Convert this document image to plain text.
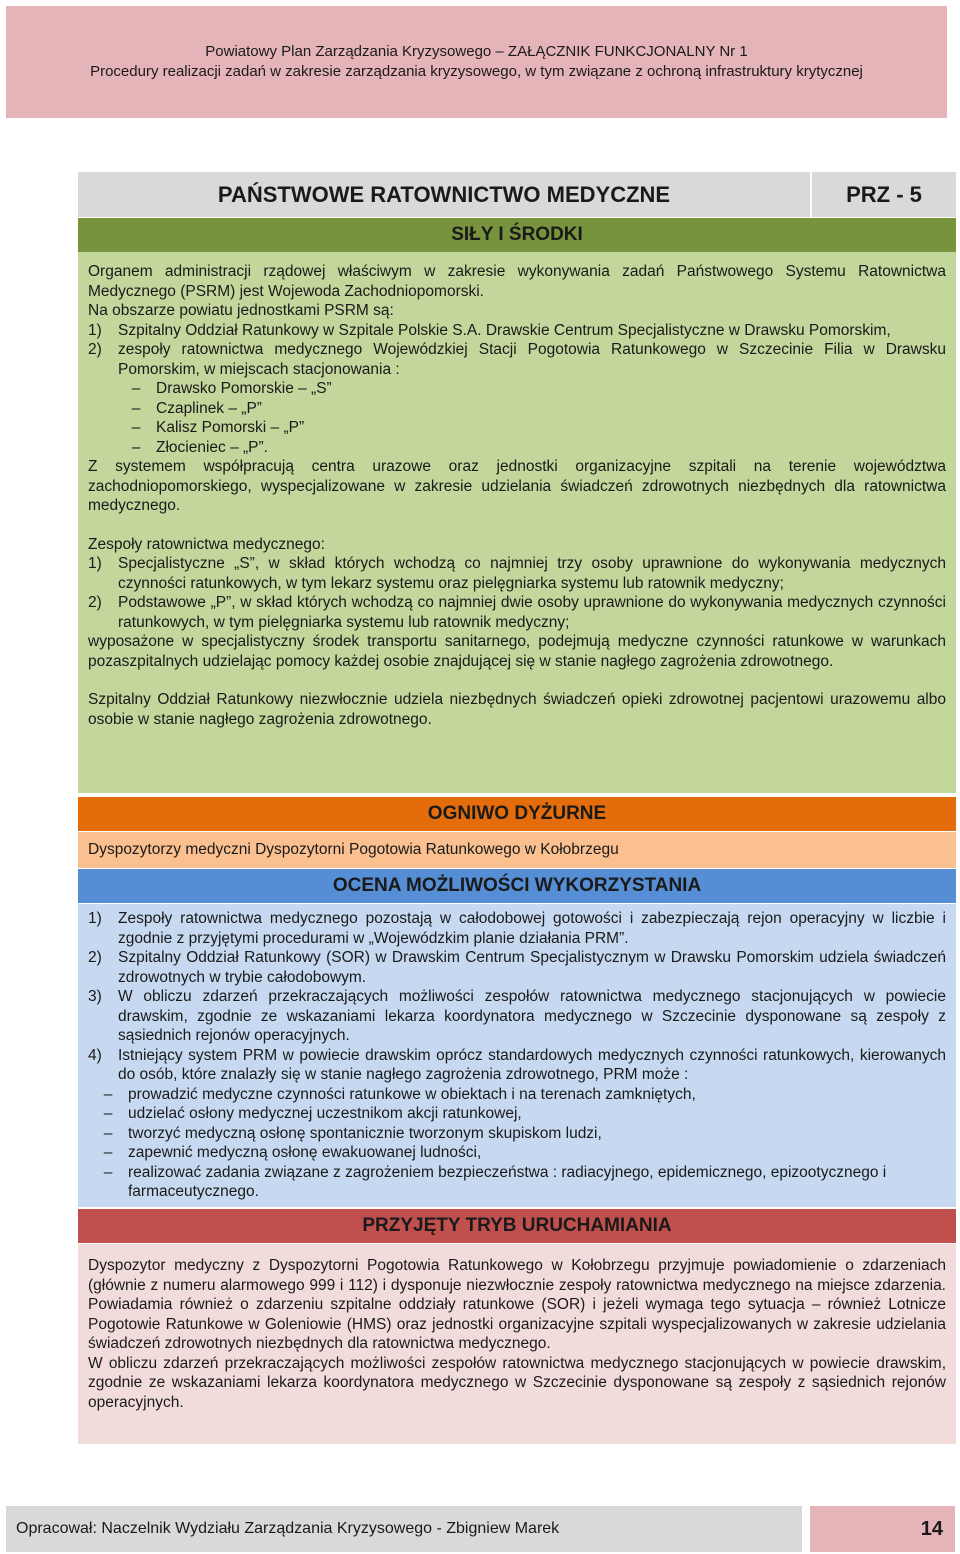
Powiatowy Plan Zarządzania Kryzysowego – ZAŁĄCZNIK FUNKCJONALNY Nr 1
Procedury realizacji zadań w zakresie zarządzania kryzysowego, w tym związane z ochroną infrastruktury krytycznej
PAŃSTWOWE RATOWNICTWO MEDYCZNE	PRZ - 5
SIŁY I ŚRODKI

Organem administracji rządowej właściwym w zakresie wykonywania zadań Państwowego Systemu Ratownictwa Medycznego (PSRM) jest Wojewoda Zachodniopomorski.

Na obszarze powiatu jednostkami PSRM są:

1)	Szpitalny Oddział Ratunkowy w Szpitale Polskie S.A. Drawskie Centrum Specjalistyczne w Drawsku Pomorskim,
2)	zespoły ratownictwa medycznego Wojewódzkiej Stacji Pogotowia Ratunkowego w Szczecinie Filia w Drawsku Pomorskim, w miejscach stacjonowania :
–	Drawsko Pomorskie – „S”
–	Czaplinek – „P”
–	Kalisz Pomorski – „P”
–	Złocieniec – „P”.

Z systemem współpracują centra urazowe oraz jednostki organizacyjne szpitali na terenie województwa zachodniopomorskiego, wyspecjalizowane w zakresie udzielania świadczeń zdrowotnych niezbędnych dla ratownictwa medycznego.

Zespoły ratownictwa medycznego:

1)	Specjalistyczne „S”, w skład których wchodzą co najmniej trzy osoby uprawnione do wykonywania medycznych czynności ratunkowych, w tym lekarz systemu oraz pielęgniarka systemu lub ratownik medyczny;
2)	Podstawowe „P”, w skład których wchodzą co najmniej dwie osoby uprawnione do wykonywania medycznych czynności ratunkowych, w tym pielęgniarka systemu lub ratownik medyczny;

wyposażone w specjalistyczny środek transportu sanitarnego, podejmują medyczne czynności ratunkowe w warunkach pozaszpitalnych udzielając pomocy każdej osobie znajdującej się w stanie nagłego zagrożenia zdrowotnego.

Szpitalny Oddział Ratunkowy niezwłocznie udziela niezbędnych świadczeń opieki zdrowotnej pacjentowi urazowemu albo osobie w stanie nagłego zagrożenia zdrowotnego.

OGNIWO DYŻURNE
Dyspozytorzy medyczni Dyspozytorni Pogotowia Ratunkowego w Kołobrzegu
OCENA MOŻLIWOŚCI WYKORZYSTANIA
1)	Zespoły ratownictwa medycznego pozostają w całodobowej gotowości i zabezpieczają rejon operacyjny w liczbie i zgodnie z przyjętymi procedurami w „Wojewódzkim planie działania PRM”.
2)	Szpitalny Oddział Ratunkowy (SOR) w Drawskim Centrum Specjalistycznym w Drawsku Pomorskim udziela świadczeń zdrowotnych w trybie całodobowym.
3)	W obliczu zdarzeń przekraczających możliwości zespołów ratownictwa medycznego stacjonujących w powiecie drawskim, zgodnie ze wskazaniami lekarza koordynatora medycznego w Szczecinie dysponowane są zespoły z sąsiednich rejonów operacyjnych.
4)	Istniejący system PRM w powiecie drawskim oprócz standardowych medycznych czynności ratunkowych, kierowanych do osób, które znalazły się w stanie nagłego zagrożenia zdrowotnego, PRM może :
–	prowadzić medyczne czynności ratunkowe w obiektach i na terenach zamkniętych,
–	udzielać osłony medycznej uczestnikom akcji ratunkowej,
–	tworzyć medyczną osłonę spontanicznie tworzonym skupiskom ludzi,
–	zapewnić medyczną osłonę ewakuowanej ludności,
–	realizować zadania związane z zagrożeniem bezpieczeństwa : radiacyjnego, epidemicznego, epizootycznego i farmaceutycznego.
PRZYJĘTY TRYB URUCHAMIANIA

Dyspozytor medyczny z Dyspozytorni Pogotowia Ratunkowego w Kołobrzegu przyjmuje powiadomienie o zdarzeniach (głównie z numeru alarmowego 999 i 112) i dysponuje niezwłocznie zespoły ratownictwa medycznego na miejsce zdarzenia. Powiadamia również o zdarzeniu szpitalne oddziały ratunkowe (SOR) i jeżeli wymaga tego sytuacja – również Lotnicze Pogotowie Ratunkowe w Goleniowie (HMS) oraz jednostki organizacyjne szpitali wyspecjalizowanych w zakresie udzielania świadczeń zdrowotnych niezbędnych dla ratownictwa medycznego.

W obliczu zdarzeń przekraczających możliwości zespołów ratownictwa medycznego stacjonujących w powiecie drawskim, zgodnie ze wskazaniami lekarza koordynatora medycznego w Szczecinie dysponowane są zespoły z sąsiednich rejonów operacyjnych.

Opracował: Naczelnik Wydziału Zarządzania Kryzysowego - Zbigniew Marek	14
